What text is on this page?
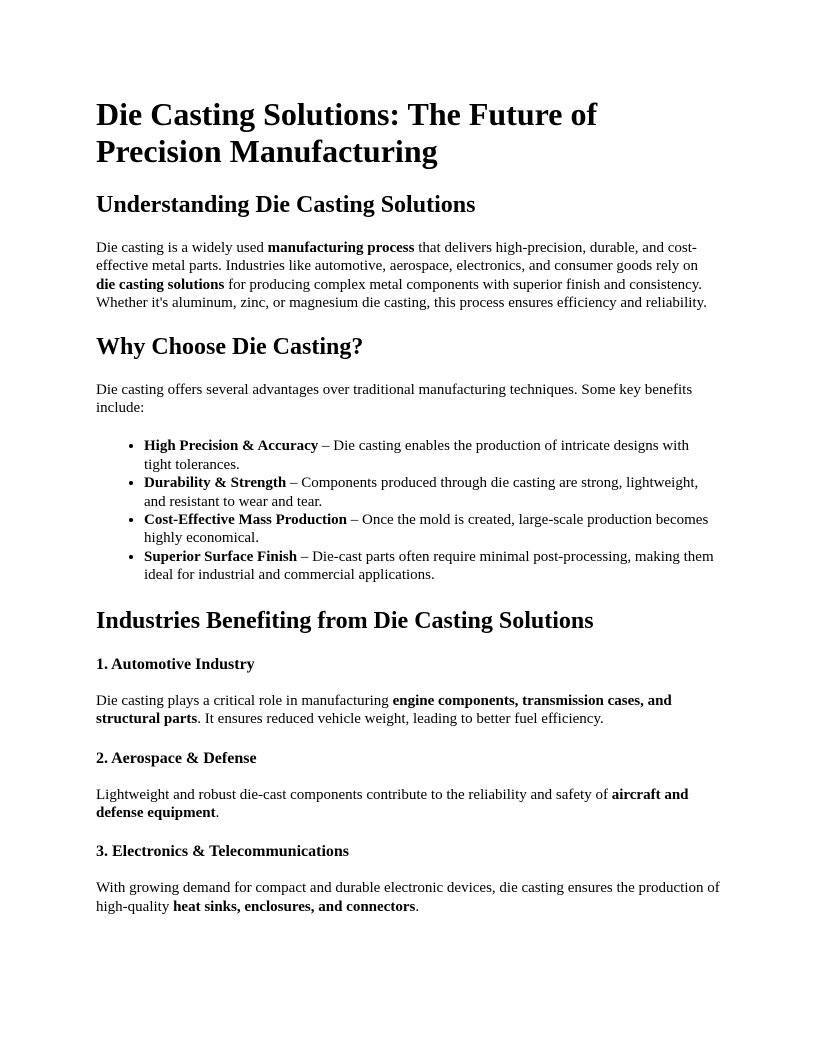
Die Casting Solutions: The Future of Precision Manufacturing
Understanding Die Casting Solutions

Die casting is a widely used manufacturing process that delivers high-precision, durable, and cost-effective metal parts. Industries like automotive, aerospace, electronics, and consumer goods rely on die casting solutions for producing complex metal components with superior finish and consistency. Whether it's aluminum, zinc, or magnesium die casting, this process ensures efficiency and reliability.

Why Choose Die Casting?

Die casting offers several advantages over traditional manufacturing techniques. Some key benefits include:

• High Precision & Accuracy – Die casting enables the production of intricate designs with tight tolerances.
• Durability & Strength – Components produced through die casting are strong, lightweight, and resistant to wear and tear.
• Cost-Effective Mass Production – Once the mold is created, large-scale production becomes highly economical.
• Superior Surface Finish – Die-cast parts often require minimal post-processing, making them ideal for industrial and commercial applications.
Industries Benefiting from Die Casting Solutions
1. Automotive Industry

Die casting plays a critical role in manufacturing engine components, transmission cases, and structural parts. It ensures reduced vehicle weight, leading to better fuel efficiency.

2. Aerospace & Defense

Lightweight and robust die-cast components contribute to the reliability and safety of aircraft and defense equipment.

3. Electronics & Telecommunications

With growing demand for compact and durable electronic devices, die casting ensures the production of high-quality heat sinks, enclosures, and connectors.
